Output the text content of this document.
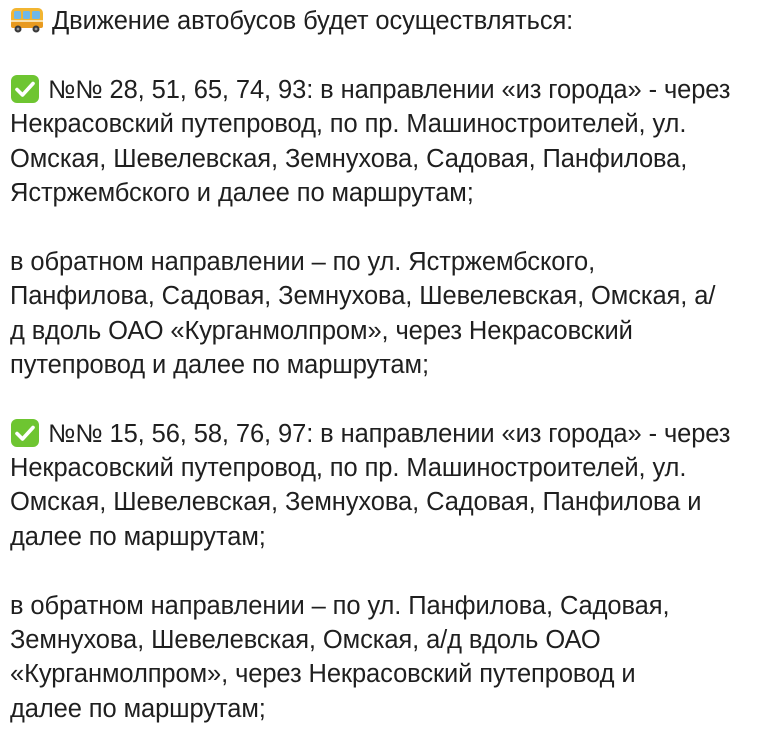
Движение автобусов будет осуществляться:
№№ 28, 51, 65, 74, 93: в направлении «из города» - через
Некрасовский путепровод, по пр. Машиностроителей, ул.
Омская, Шевелевская, Земнухова, Садовая, Панфилова,
Ястржембского и далее по маршрутам;
в обратном направлении – по ул. Ястржембского,
Панфилова, Садовая, Земнухова, Шевелевская, Омская, а/
д вдоль ОАО «Курганмолпром», через Некрасовский
путепровод и далее по маршрутам;
№№ 15, 56, 58, 76, 97: в направлении «из города» - через
Некрасовский путепровод, по пр. Машиностроителей, ул.
Омская, Шевелевская, Земнухова, Садовая, Панфилова и
далее по маршрутам;
в обратном направлении – по ул. Панфилова, Садовая,
Земнухова, Шевелевская, Омская, а/д вдоль ОАО
«Курганмолпром», через Некрасовский путепровод и
далее по маршрутам;
